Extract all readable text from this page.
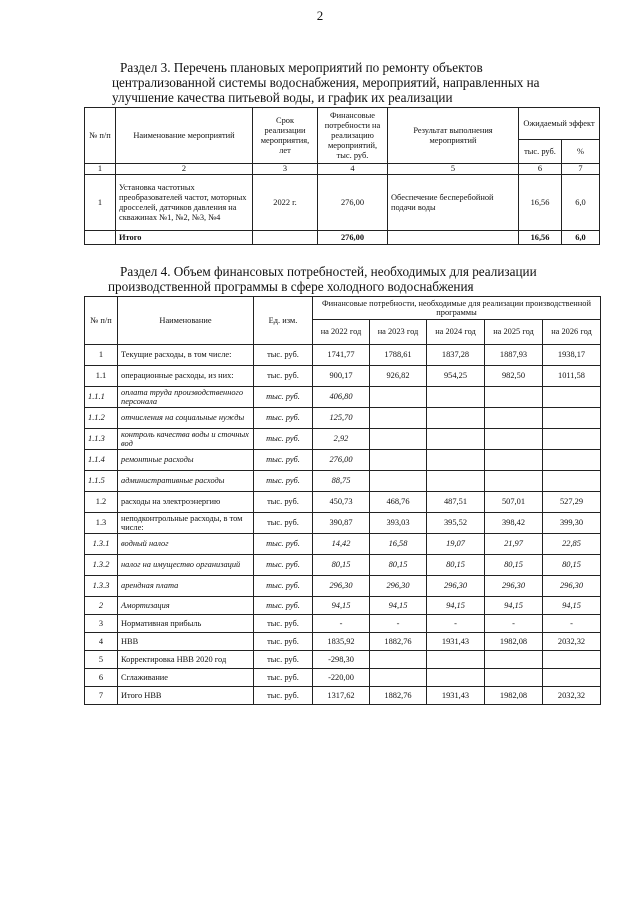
2
Раздел 3. Перечень плановых мероприятий по ремонту объектов
централизованной системы водоснабжения, мероприятий, направленных на
улучшение качества питьевой воды, и график их реализации
№ п/п	Наименование мероприятий	Срок реализации мероприятия, лет	Финансовые потребности на реализацию мероприятий, тыс. руб.	Результат выполнения мероприятий	Ожидаемый эффект	
					тыс. руб.	%
1	2	3	4	5	6	7
1	Установка частотных преобразователей частот, моторных дросселей, датчиков давления на скважинах №1, №2, №3, №4	2022 г.	276,00	Обеспечение бесперебойной подачи воды	16,56	6,0
	Итого		276,00		16,56	6,0
Раздел 4. Объем финансовых потребностей, необходимых для реализации
производственной программы в сфере холодного водоснабжения
№ п/п	Наименование	Ед. изм.	Финансовые потребности, необходимые для реализации производственной программы				
			на 2022 год	на 2023 год	на 2024 год	на 2025 год	на 2026 год
1	Текущие расходы, в том числе:	тыс. руб.	1741,77	1788,61	1837,28	1887,93	1938,17
1.1	операционные расходы, из них:	тыс. руб.	900,17	926,82	954,25	982,50	1011,58
1.1.1	оплата труда производственного персонала	тыс. руб.	406,80				
1.1.2	отчисления на социальные нужды	тыс. руб.	125,70				
1.1.3	контроль качества воды и сточных вод	тыс. руб.	2,92				
1.1.4	ремонтные расходы	тыс. руб.	276,00				
1.1.5	административные расходы	тыс. руб.	88,75				
1.2	расходы на электроэнергию	тыс. руб.	450,73	468,76	487,51	507,01	527,29
1.3	неподконтрольные расходы, в том числе:	тыс. руб.	390,87	393,03	395,52	398,42	399,30
1.3.1	водный налог	тыс. руб.	14,42	16,58	19,07	21,97	22,85
1.3.2	налог на имущество организаций	тыс. руб.	80,15	80,15	80,15	80,15	80,15
1.3.3	арендная плата	тыс. руб.	296,30	296,30	296,30	296,30	296,30
2	Амортизация	тыс. руб.	94,15	94,15	94,15	94,15	94,15
3	Нормативная прибыль	тыс. руб.	-	-	-	-	-
4	НВВ	тыс. руб.	1835,92	1882,76	1931,43	1982,08	2032,32
5	Корректировка НВВ 2020 год	тыс. руб.	-298,30				
6	Сглаживание	тыс. руб.	-220,00				
7	Итого НВВ	тыс. руб.	1317,62	1882,76	1931,43	1982,08	2032,32
